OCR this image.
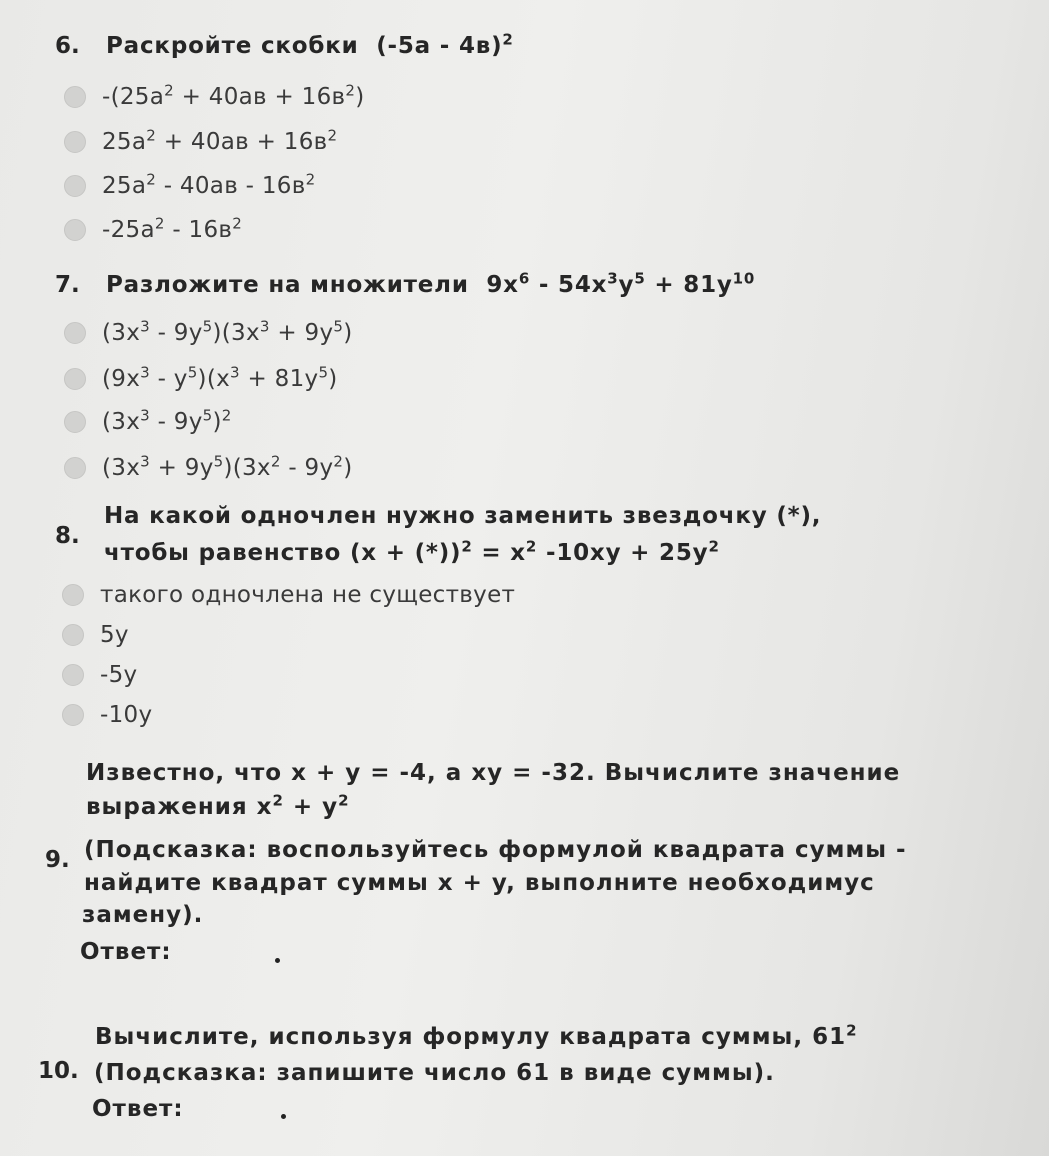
6. Раскройте скобки (-5а - 4в)$^2$
$-(25а^2 + 40ав + 16в^2)$
$25а^2 + 40ав + 16в^2$
$25а^2 - 40ав - 16в^2$
$-25а^2 - 16в^2$
7. Разложите на множители $9x^6 - 54x^3y^5 + 81y^{10}$
$(3x^3 - 9y^5)(3x^3 + 9y^5)$
$(9x^3 - y^5)(x^3 + 81y^5)$
$(3x^3 - 9y^5)^2$
$(3x^3 + 9y^5)(3x^2 - 9y^2)$
8.
На какой одночлен нужно заменить звездочку (*),
чтобы равенство $(x + (*))^2 = x^2$ $-10xy + 25y^2$
такого одночлена не существует
5y
-5y
-10y
9.
Известно, что x + y = -4, а xy = -32. Вычислите значение
выражения $x^2 + y^2$
(Подсказка: воспользуйтесь формулой квадрата суммы -
найдите квадрат суммы x + y, выполните необходимус
замену).
Ответ:
10.
Вычислите, используя формулу квадрата суммы, $61^2$
(Подсказка: запишите число 61 в виде суммы).
Ответ:
